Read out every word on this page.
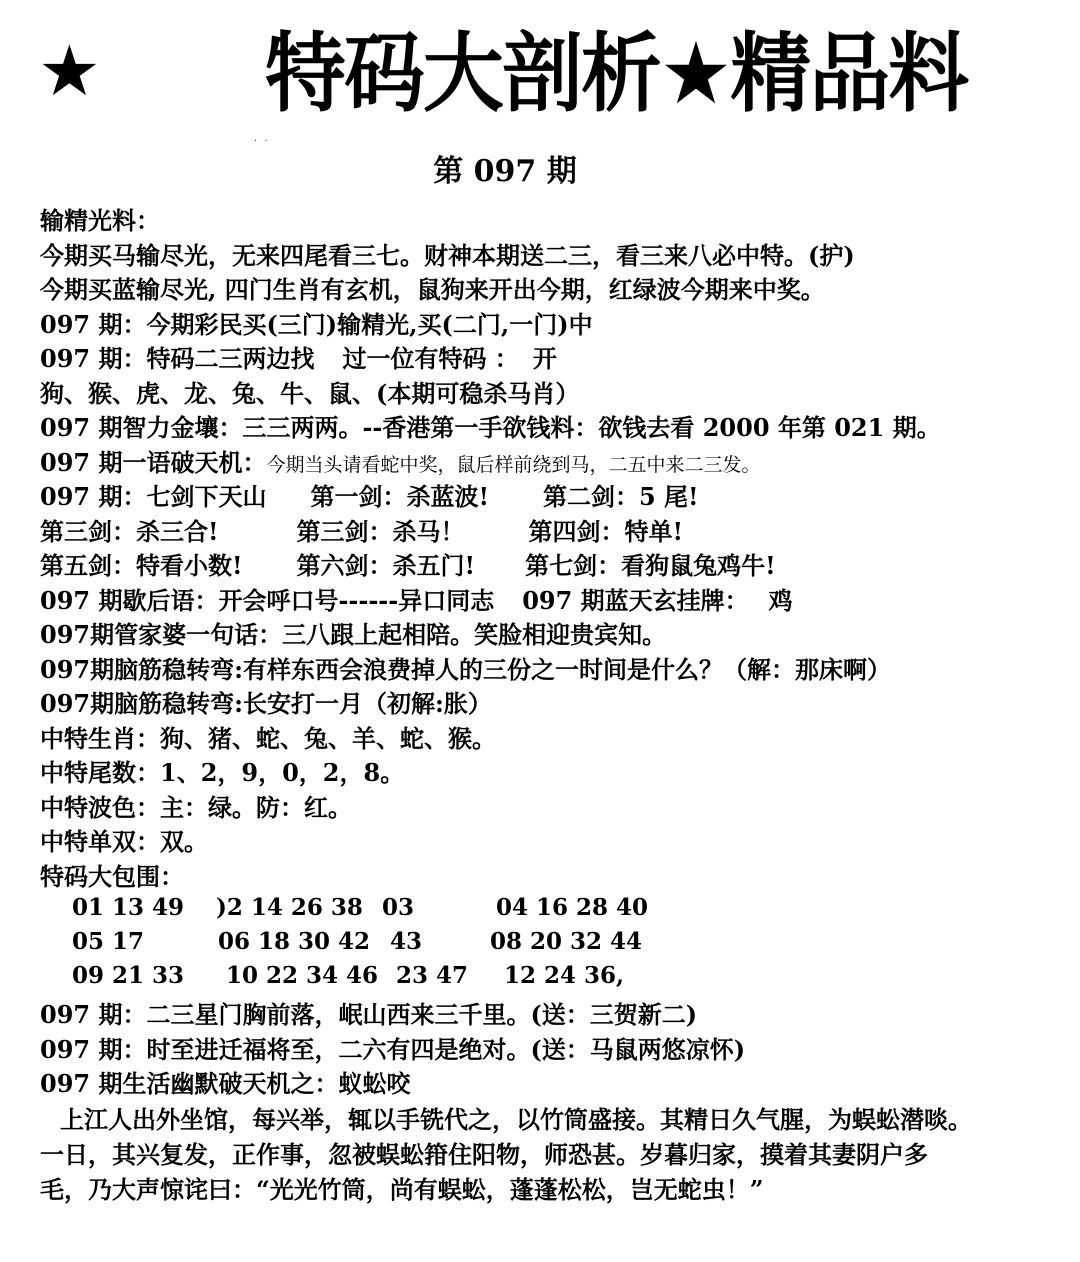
★ 特码大剖析★精品料
· ·
第 097 期
输精光料：
今期买马输尽光，无来四尾看三七。财神本期送二三，看三来八必中特。(护)
今期买蓝输尽光, 四门生肖有玄机，鼠狗来开出今期，红绿波今期来中奖。
097 期：今期彩民买(三门)输精光,买(二门,一门)中
097 期：特码二三两边找 过一位有特码 ： 开
狗、猴、虎、龙、兔、牛、鼠、(本期可稳杀马肖）
097 期智力金壤：三三两两。--香港第一手欲钱料：欲钱去看 2000 年第 021 期。
097 期一语破天机：今期当头请看蛇中奖，鼠后样前绕到马，二五中来二三发。
097 期：七剑下天山 第一剑：杀蓝波! 第二剑：5 尾!
第三剑：杀三合!	第三剑：杀马！	第四剑：特单!
第五剑：特看小数! 第六剑：杀五门! 第七剑：看狗鼠兔鸡牛!
097 期歇后语：开会呼口号------异口同志 097 期蓝天玄挂牌： 鸡
097期管家婆一句话：三八跟上起相陪。笑脸相迎贵宾知。
097期脑筋稳转弯:有样东西会浪费掉人的三份之一时间是什么？（解：那床啊）
097期脑筋稳转弯:长安打一月（初解:胀）
中特生肖：狗、猪、蛇、兔、羊、蛇、猴。
中特尾数：1、2，9，0，2，8。
中特波色：主：绿。防：红。
中特单双：双。
特码大包围：
01 13 49 )2 14 26 38 03	04 16 28 40
05 17	06 18 30 42 43	08 20 32 44
09 21 33 10 22 34 46 23 47 12 24 36,
097 期：二三星门胸前落，岷山西来三千里。(送：三贺新二)
097 期：时至进迁福将至，二六有四是绝对。(送：马鼠两悠凉怀)
097 期生活幽默破天机之：蚁蚣咬
上江人出外坐馆，每兴举，辄以手铣代之，以竹筒盛接。其精日久气腥，为蜈蚣潜啖。
一日，其兴复发，正作事，忽被蜈蚣箝住阳物，师恐甚。岁暮归家，摸着其妻阴户多
毛，乃大声惊诧曰：“光光竹筒，尚有蜈蚣，蓬蓬松松，岂无蛇虫！”
